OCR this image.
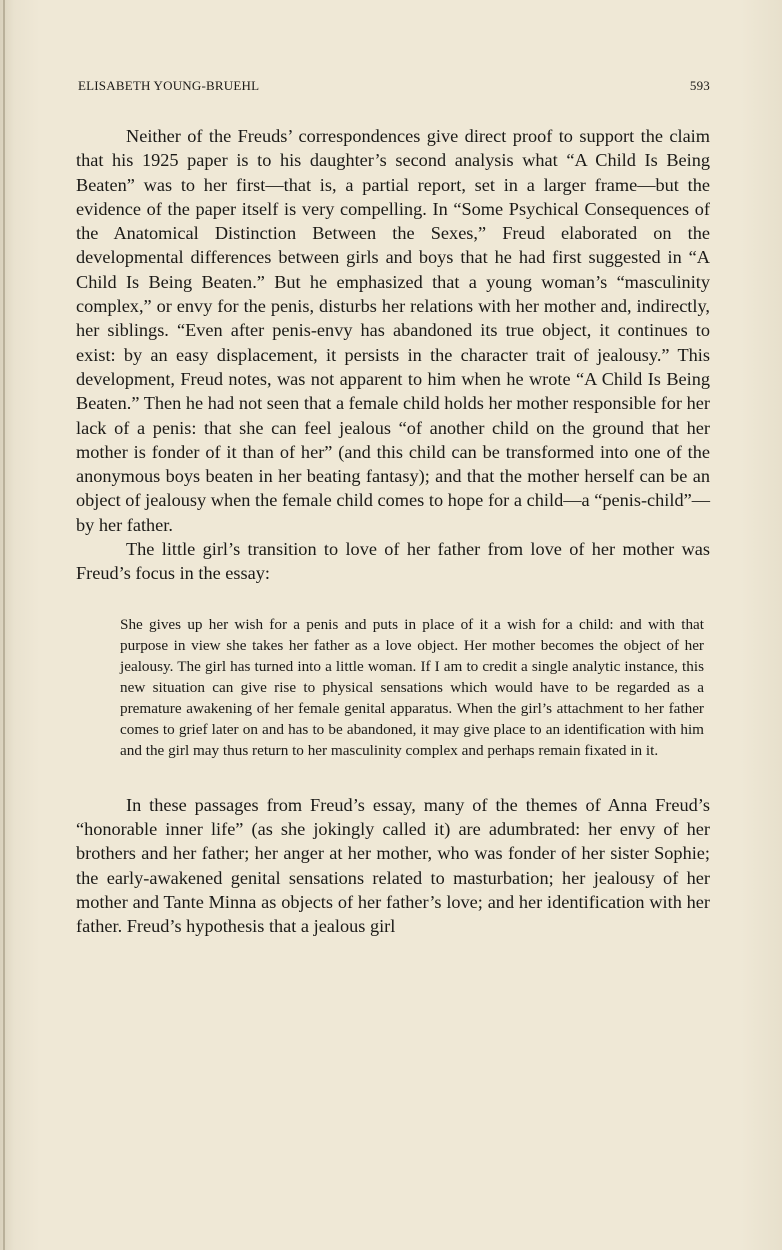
ELISABETH YOUNG-BRUEHL	593

Neither of the Freuds’ correspondences give direct proof to support the claim that his 1925 paper is to his daughter’s second analysis what “A Child Is Being Beaten” was to her first—that is, a partial report, set in a larger frame—but the evidence of the paper itself is very compelling. In “Some Psychical Consequences of the Anatomical Distinction Between the Sexes,” Freud elaborated on the developmental differences between girls and boys that he had first suggested in “A Child Is Being Beaten.” But he emphasized that a young woman’s “masculinity complex,” or envy for the penis, disturbs her relations with her mother and, indirectly, her siblings. “Even after penis-envy has abandoned its true object, it continues to exist: by an easy displacement, it persists in the character trait of jealousy.” This development, Freud notes, was not apparent to him when he wrote “A Child Is Being Beaten.” Then he had not seen that a female child holds her mother responsible for her lack of a penis: that she can feel jealous “of another child on the ground that her mother is fonder of it than of her” (and this child can be transformed into one of the anonymous boys beaten in her beating fantasy); and that the mother herself can be an object of jealousy when the female child comes to hope for a child—a “penis-child”—by her father.

The little girl’s transition to love of her father from love of her mother was Freud’s focus in the essay:

She gives up her wish for a penis and puts in place of it a wish for a child: and with that purpose in view she takes her father as a love object. Her mother becomes the object of her jealousy. The girl has turned into a little woman. If I am to credit a single analytic instance, this new situation can give rise to physical sensations which would have to be regarded as a premature awakening of her female genital apparatus. When the girl’s attachment to her father comes to grief later on and has to be abandoned, it may give place to an identification with him and the girl may thus return to her masculinity complex and perhaps remain fixated in it.

In these passages from Freud’s essay, many of the themes of Anna Freud’s “honorable inner life” (as she jokingly called it) are adumbrated: her envy of her brothers and her father; her anger at her mother, who was fonder of her sister Sophie; the early-awakened genital sensations related to masturbation; her jealousy of her mother and Tante Minna as objects of her father’s love; and her identification with her father. Freud’s hypothesis that a jealous girl
